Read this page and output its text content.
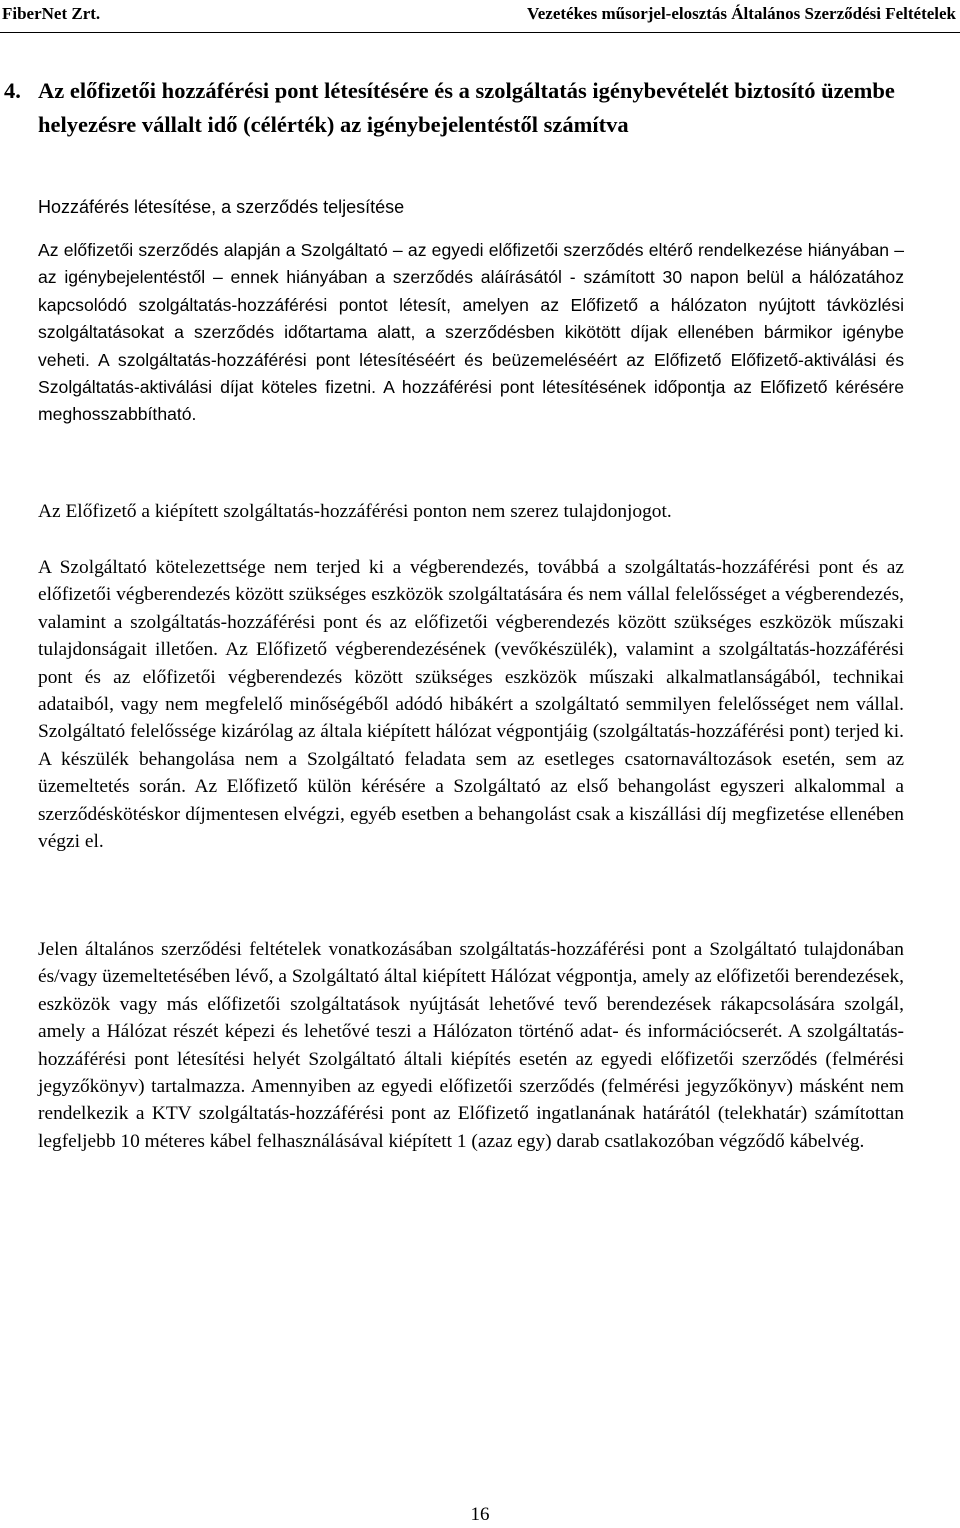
FiberNet Zrt.	Vezetékes műsorjel-elosztás Általános Szerződési Feltételek
4. Az előfizetői hozzáférési pont létesítésére és a szolgáltatás igénybevételét biztosító üzembe helyezésre vállalt idő (célérték) az igénybejelentéstől számítva
Hozzáférés létesítése, a szerződés teljesítése

Az előfizetői szerződés alapján a Szolgáltató – az egyedi előfizetői szerződés eltérő rendelkezése hiányában – az igénybejelentéstől – ennek hiányában a szerződés aláírásától - számított 30 napon belül a hálózatához kapcsolódó szolgáltatás-hozzáférési pontot létesít, amelyen az Előfizető a hálózaton nyújtott távközlési szolgáltatásokat a szerződés időtartama alatt, a szerződésben kikötött díjak ellenében bármikor igénybe veheti. A szolgáltatás-hozzáférési pont létesítéséért és beüzemeléséért az Előfizető Előfizető-aktiválási és Szolgáltatás-aktiválási díjat köteles fizetni. A hozzáférési pont létesítésének időpontja az Előfizető kérésére meghosszabbítható.

Az Előfizető a kiépített szolgáltatás-hozzáférési ponton nem szerez tulajdonjogot.

A Szolgáltató kötelezettsége nem terjed ki a végberendezés, továbbá a szolgáltatás-hozzáférési pont és az előfizetői végberendezés között szükséges eszközök szolgáltatására és nem vállal felelősséget a végberendezés, valamint a szolgáltatás-hozzáférési pont és az előfizetői végberendezés között szükséges eszközök műszaki tulajdonságait illetően. Az Előfizető végberendezésének (vevőkészülék), valamint a szolgáltatás-hozzáférési pont és az előfizetői végberendezés között szükséges eszközök műszaki alkalmatlanságából, technikai adataiból, vagy nem megfelelő minőségéből adódó hibákért a szolgáltató semmilyen felelősséget nem vállal. Szolgáltató felelőssége kizárólag az általa kiépített hálózat végpontjáig (szolgáltatás-hozzáférési pont) terjed ki. A készülék behangolása nem a Szolgáltató feladata sem az esetleges csatornaváltozások esetén, sem az üzemeltetés során. Az Előfizető külön kérésére a Szolgáltató az első behangolást egyszeri alkalommal a szerződéskötéskor díjmentesen elvégzi, egyéb esetben a behangolást csak a kiszállási díj megfizetése ellenében végzi el.

Jelen általános szerződési feltételek vonatkozásában szolgáltatás-hozzáférési pont a Szolgáltató tulajdonában és/vagy üzemeltetésében lévő, a Szolgáltató által kiépített Hálózat végpontja, amely az előfizetői berendezések, eszközök vagy más előfizetői szolgáltatások nyújtását lehetővé tevő berendezések rákapcsolására szolgál, amely a Hálózat részét képezi és lehetővé teszi a Hálózaton történő adat- és információcserét. A szolgáltatás-hozzáférési pont létesítési helyét Szolgáltató általi kiépítés esetén az egyedi előfizetői szerződés (felmérési jegyzőkönyv) tartalmazza. Amennyiben az egyedi előfizetői szerződés (felmérési jegyzőkönyv) másként nem rendelkezik a KTV szolgáltatás-hozzáférési pont az Előfizető ingatlanának határától (telekhatár) számítottan legfeljebb 10 méteres kábel felhasználásával kiépített 1 (azaz egy) darab csatlakozóban végződő kábelvég.

16
